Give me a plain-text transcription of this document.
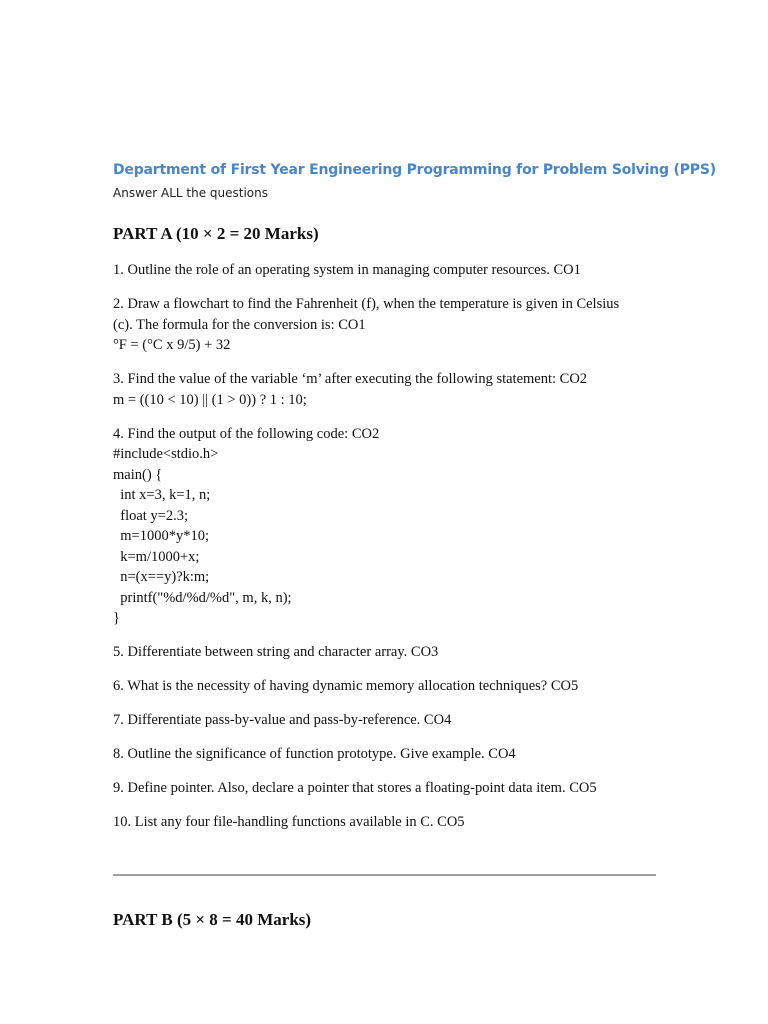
Department of First Year Engineering Programming for Problem Solving (PPS)
Answer ALL the questions
PART A (10 × 2 = 20 Marks)
1. Outline the role of an operating system in managing computer resources. CO1
2. Draw a flowchart to find the Fahrenheit (f), when the temperature is given in Celsius
(c). The formula for the conversion is: CO1
°F = (°C x 9/5) + 32
3. Find the value of the variable ‘m’ after executing the following statement: CO2
m = ((10 < 10) || (1 > 0)) ? 1 : 10;
4. Find the output of the following code: CO2
#include<stdio.h>
main() {
int x=3, k=1, n;
float y=2.3;
m=1000*y*10;
k=m/1000+x;
n=(x==y)?k:m;
printf("%d/%d/%d", m, k, n);
}
5. Differentiate between string and character array. CO3
6. What is the necessity of having dynamic memory allocation techniques? CO5
7. Differentiate pass-by-value and pass-by-reference. CO4
8. Outline the significance of function prototype. Give example. CO4
9. Define pointer. Also, declare a pointer that stores a floating-point data item. CO5
10. List any four file-handling functions available in C. CO5
PART B (5 × 8 = 40 Marks)
